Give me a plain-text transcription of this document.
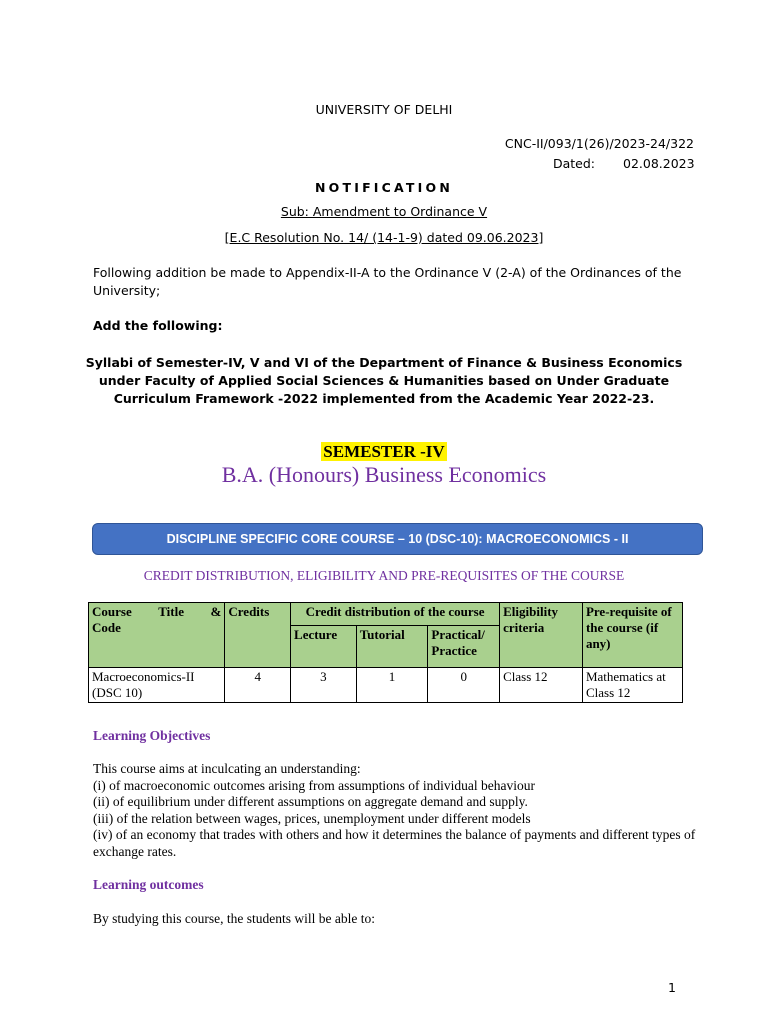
UNIVERSITY OF DELHI
CNC-II/093/1(26)/2023-24/322
Dated: 02.08.2023
NOTIFICATION
Sub: Amendment to Ordinance V
[E.C Resolution No. 14/ (14-1-9) dated 09.06.2023]
Following addition be made to Appendix-II-A to the Ordinance V (2-A) of the Ordinances of the University;
Add the following:
Syllabi of Semester-IV, V and VI of the Department of Finance & Business Economics under Faculty of Applied Social Sciences & Humanities based on Under Graduate Curriculum Framework -2022 implemented from the Academic Year 2022-23.
SEMESTER -IV
B.A. (Honours) Business Economics
DISCIPLINE SPECIFIC CORE COURSE – 10 (DSC-10): MACROECONOMICS - II
CREDIT DISTRIBUTION, ELIGIBILITY AND PRE-REQUISITES OF THE COURSE
Course Title &
Code	Credits	Credit distribution of the course			Eligibility criteria	Pre-requisite of the course (if any)
		Lecture	Tutorial	Practical/ Practice		
Macroeconomics-II (DSC 10)	4	3	1	0	Class 12	Mathematics at Class 12
Learning Objectives
This course aims at inculcating an understanding:
(i) of macroeconomic outcomes arising from assumptions of individual behaviour
(ii) of equilibrium under different assumptions on aggregate demand and supply.
(iii) of the relation between wages, prices, unemployment under different models
(iv) of an economy that trades with others and how it determines the balance of payments and different types of exchange rates.
Learning outcomes
By studying this course, the students will be able to:
1
